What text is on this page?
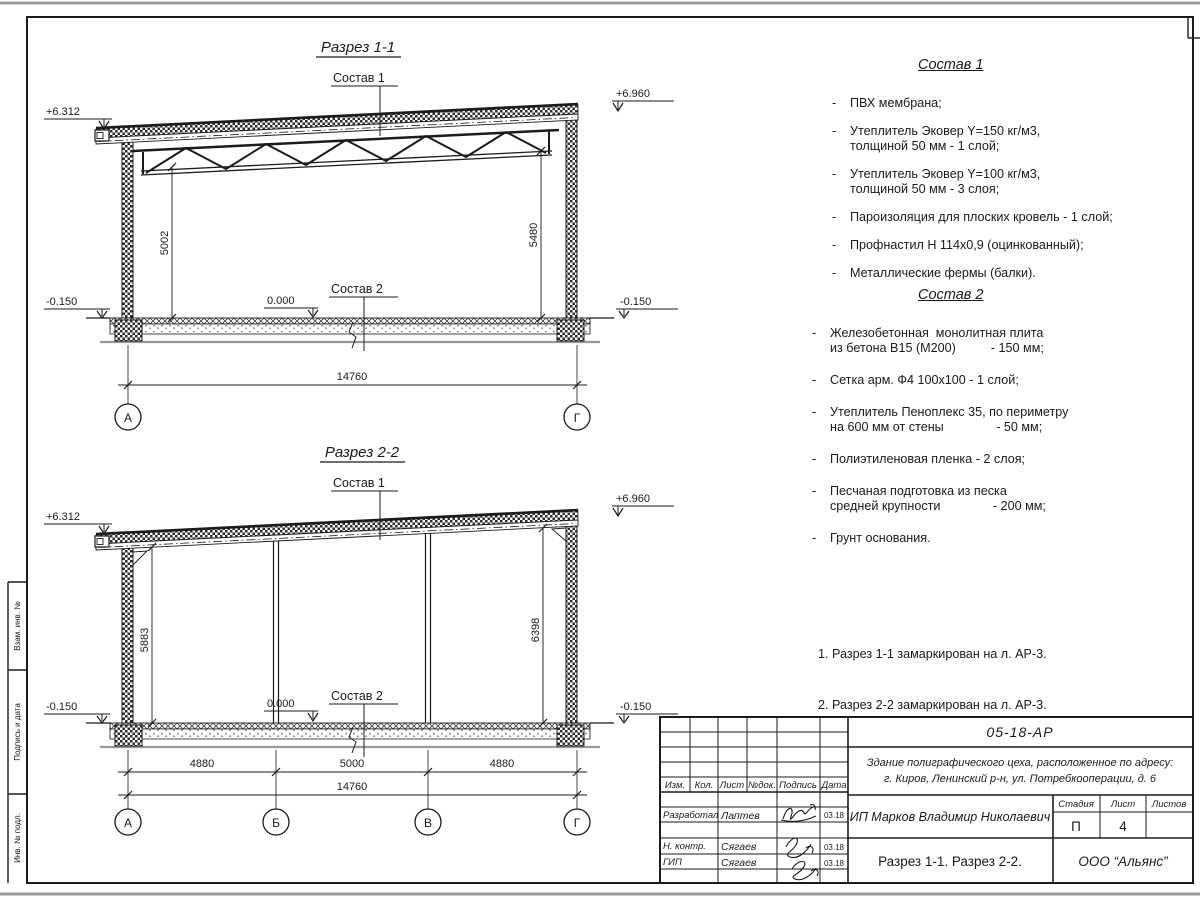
Взам. инв. №
Подпись и дата
Инв. № подл.
Разрез 1-1
Состав 1
Состав 2
+6.312
+6.960
-0.150	-0.150
0.000
5002	5480
14760
А	Г
Разрез 2-2
Состав 1
Состав 2
+6.312
+6.960
-0.150	-0.150
0.000
5883	6398
4880	5000	4880
14760
А	Б	В	Г
05-18-АР
Здание полиграфического цеха, расположенное по адресу:
г. Киров, Ленинский р-н, ул. Потребкооперации, д. 6
Изм. Кол. Лист №док. Подпись Дата
Разработал Лаптев	03.18
Н. контр. Сягаев	03.18
ГИП	Сягаев	03.18
ИП Марков Владимир Николаевич
Стадия Лист Листов
П	4
Разрез 1-1. Разрез 2-2.	ООО “Альянс”
Состав 1
-	ПВХ мембрана;
-	Утеплитель Эковер Y=150 кг/м3,
толщиной 50 мм - 1 слой;
-	Утеплитель Эковер Y=100 кг/м3,
толщиной 50 мм - 3 слоя;
-	Пароизоляция для плоских кровель - 1 слой;
-	Профнастил Н 114х0,9 (оцинкованный);
-	Металлические фермы (балки).
Состав 2
-	Железобетонная  монолитная плита
из бетона В15 (М200)          - 150 мм;
-	Сетка арм. Ф4 100х100 - 1 слой;
-	Утеплитель Пеноплекс 35, по периметру
на 600 мм от стены               - 50 мм;
-	Полиэтиленовая пленка - 2 слоя;
-	Песчаная подготовка из песка
средней крупности               - 200 мм;
-	Грунт основания.

1. Разрез 1-1 замаркирован на л. АР-3.

2. Разрез 2-2 замаркирован на л. АР-3.
